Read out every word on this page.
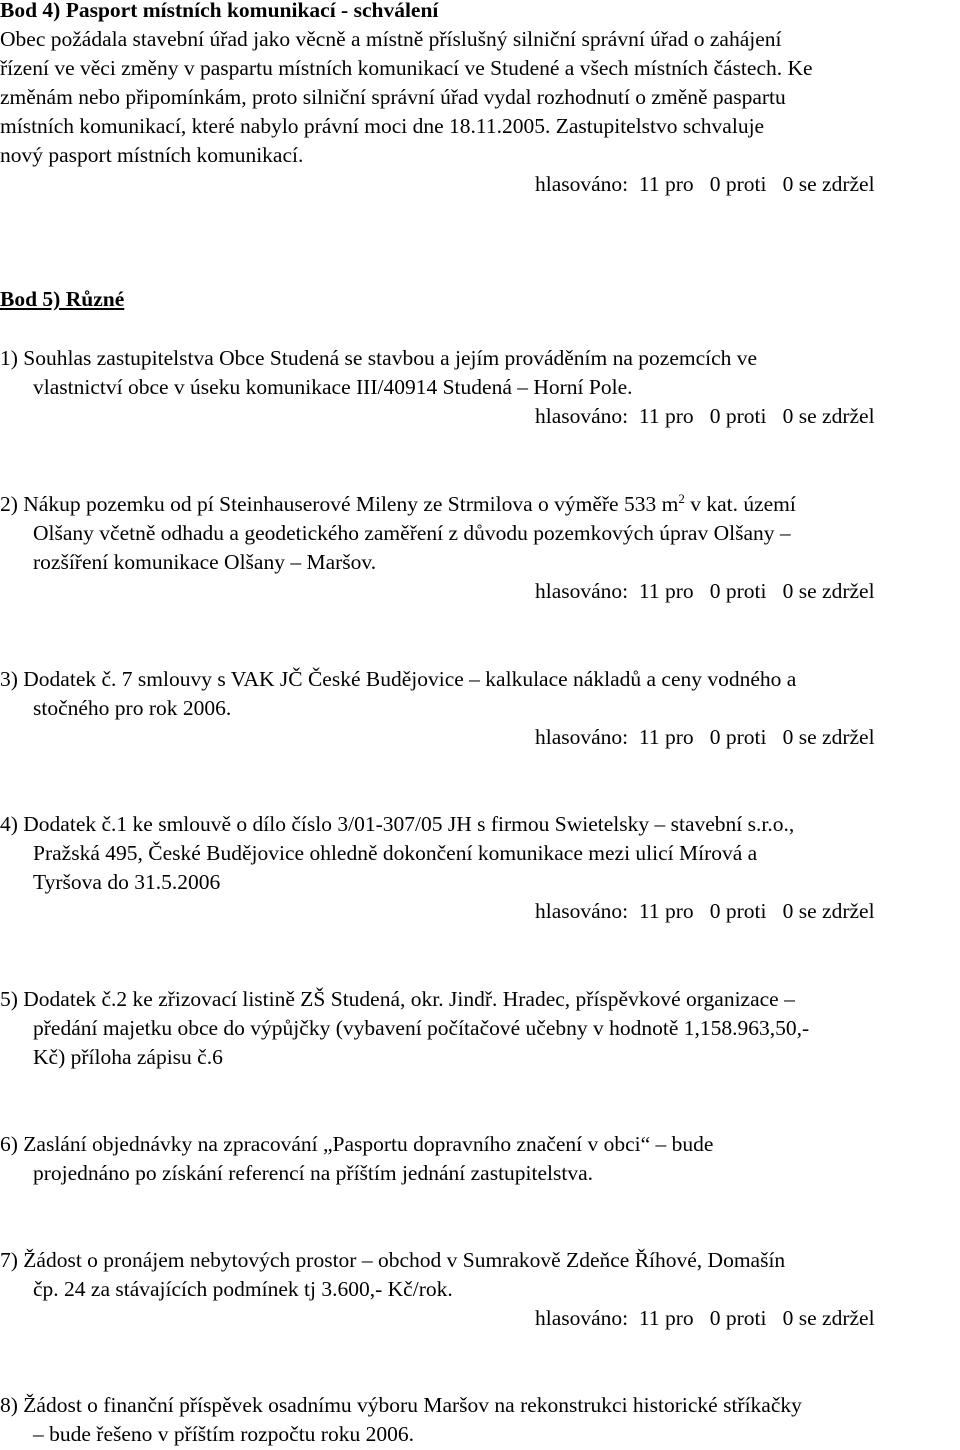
Bod 4) Pasport místních komunikací - schválení
Obec požádala stavební úřad jako věcně a místně příslušný silniční správní úřad o zahájení
řízení ve věci změny v paspartu místních komunikací ve Studené a všech místních částech. Ke
změnám nebo připomínkám, proto silniční správní úřad vydal rozhodnutí o změně paspartu
místních komunikací, které nabylo právní moci dne 18.11.2005. Zastupitelstvo schvaluje
nový pasport místních komunikací.
hlasováno:  11 pro   0 proti   0 se zdržel
Bod 5) Různé
1) Souhlas zastupitelstva Obce Studená se stavbou a jejím prováděním na pozemcích ve
vlastnictví obce v úseku komunikace III/40914 Studená – Horní Pole.
hlasováno:  11 pro   0 proti   0 se zdržel
2) Nákup pozemku od pí Steinhauserové Mileny ze Strmilova o výměře 533 $m^2$ v kat. území
Olšany včetně odhadu a geodetického zaměření z důvodu pozemkových úprav Olšany –
rozšíření komunikace Olšany – Maršov.
hlasováno:  11 pro   0 proti   0 se zdržel
3) Dodatek č. 7 smlouvy s VAK JČ České Budějovice – kalkulace nákladů a ceny vodného a
stočného pro rok 2006.
hlasováno:  11 pro   0 proti   0 se zdržel
4) Dodatek č.1 ke smlouvě o dílo číslo 3/01-307/05 JH s firmou Swietelsky – stavební s.r.o.,
Pražská 495, České Budějovice ohledně dokončení komunikace mezi ulicí Mírová a
Tyršova do 31.5.2006
hlasováno:  11 pro   0 proti   0 se zdržel
5) Dodatek č.2 ke zřizovací listině ZŠ Studená, okr. Jindř. Hradec, příspěvkové organizace –
předání majetku obce do výpůjčky (vybavení počítačové učebny v hodnotě 1,158.963,50,-
Kč) příloha zápisu č.6
6) Zaslání objednávky na zpracování „Pasportu dopravního značení v obci“ – bude
projednáno po získání referencí na příštím jednání zastupitelstva.
7) Žádost o pronájem nebytových prostor – obchod v Sumrakově Zdeňce Říhové, Domašín
čp. 24 za stávajících podmínek tj 3.600,- Kč/rok.
hlasováno:  11 pro   0 proti   0 se zdržel
8) Žádost o finanční příspěvek osadnímu výboru Maršov na rekonstrukci historické stříkačky
– bude řešeno v příštím rozpočtu roku 2006.
